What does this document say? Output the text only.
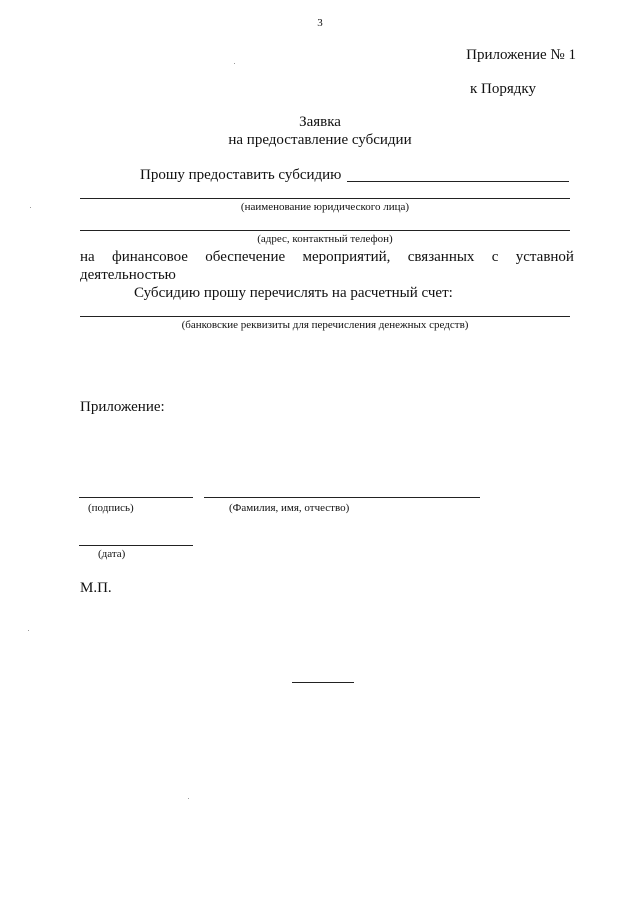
3
Приложение № 1
к Порядку
Заявка
на предоставление субсидии
Прошу предоставить субсидию
(наименование юридического лица)
(адрес, контактный телефон)
на финансовое обеспечение мероприятий, связанных с уставной
деятельностью
Субсидию прошу перечислять на расчетный счет:
(банковские реквизиты для перечисления денежных средств)
Приложение:
(подпись)	(Фамилия, имя, отчество)
(дата)
М.П.
